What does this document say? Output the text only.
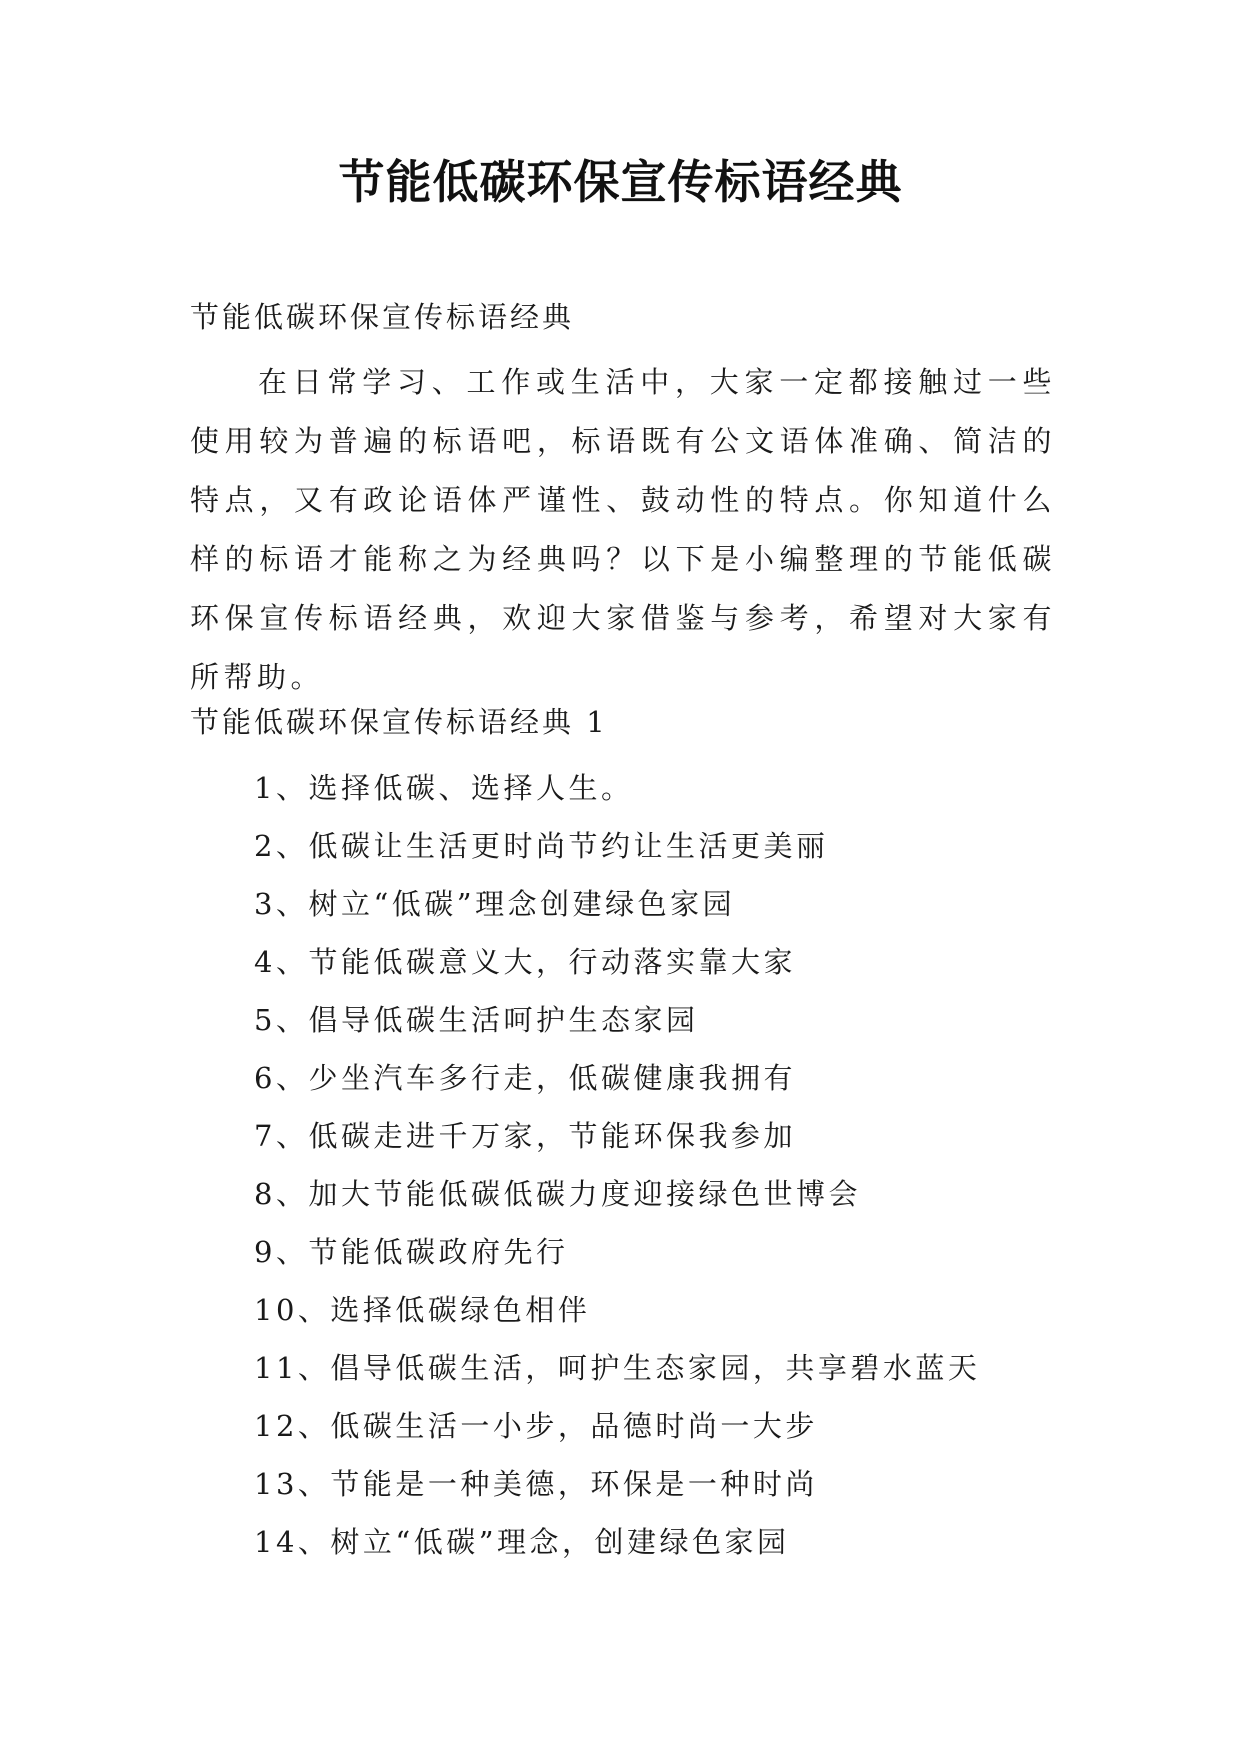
节能低碳环保宣传标语经典

节能低碳环保宣传标语经典

在日常学习、工作或生活中，大家一定都接触过一些使用较为普遍的标语吧，标语既有公文语体准确、简洁的特点，又有政论语体严谨性、鼓动性的特点。你知道什么样的标语才能称之为经典吗？以下是小编整理的节能低碳环保宣传标语经典，欢迎大家借鉴与参考，希望对大家有所帮助。

节能低碳环保宣传标语经典 1

1、选择低碳、选择人生。
2、低碳让生活更时尚节约让生活更美丽
3、树立“低碳”理念创建绿色家园
4、节能低碳意义大，行动落实靠大家
5、倡导低碳生活呵护生态家园
6、少坐汽车多行走，低碳健康我拥有
7、低碳走进千万家，节能环保我参加
8、加大节能低碳低碳力度迎接绿色世博会
9、节能低碳政府先行
10、选择低碳绿色相伴
11、倡导低碳生活，呵护生态家园，共享碧水蓝天
12、低碳生活一小步，品德时尚一大步
13、节能是一种美德，环保是一种时尚
14、树立“低碳”理念，创建绿色家园
